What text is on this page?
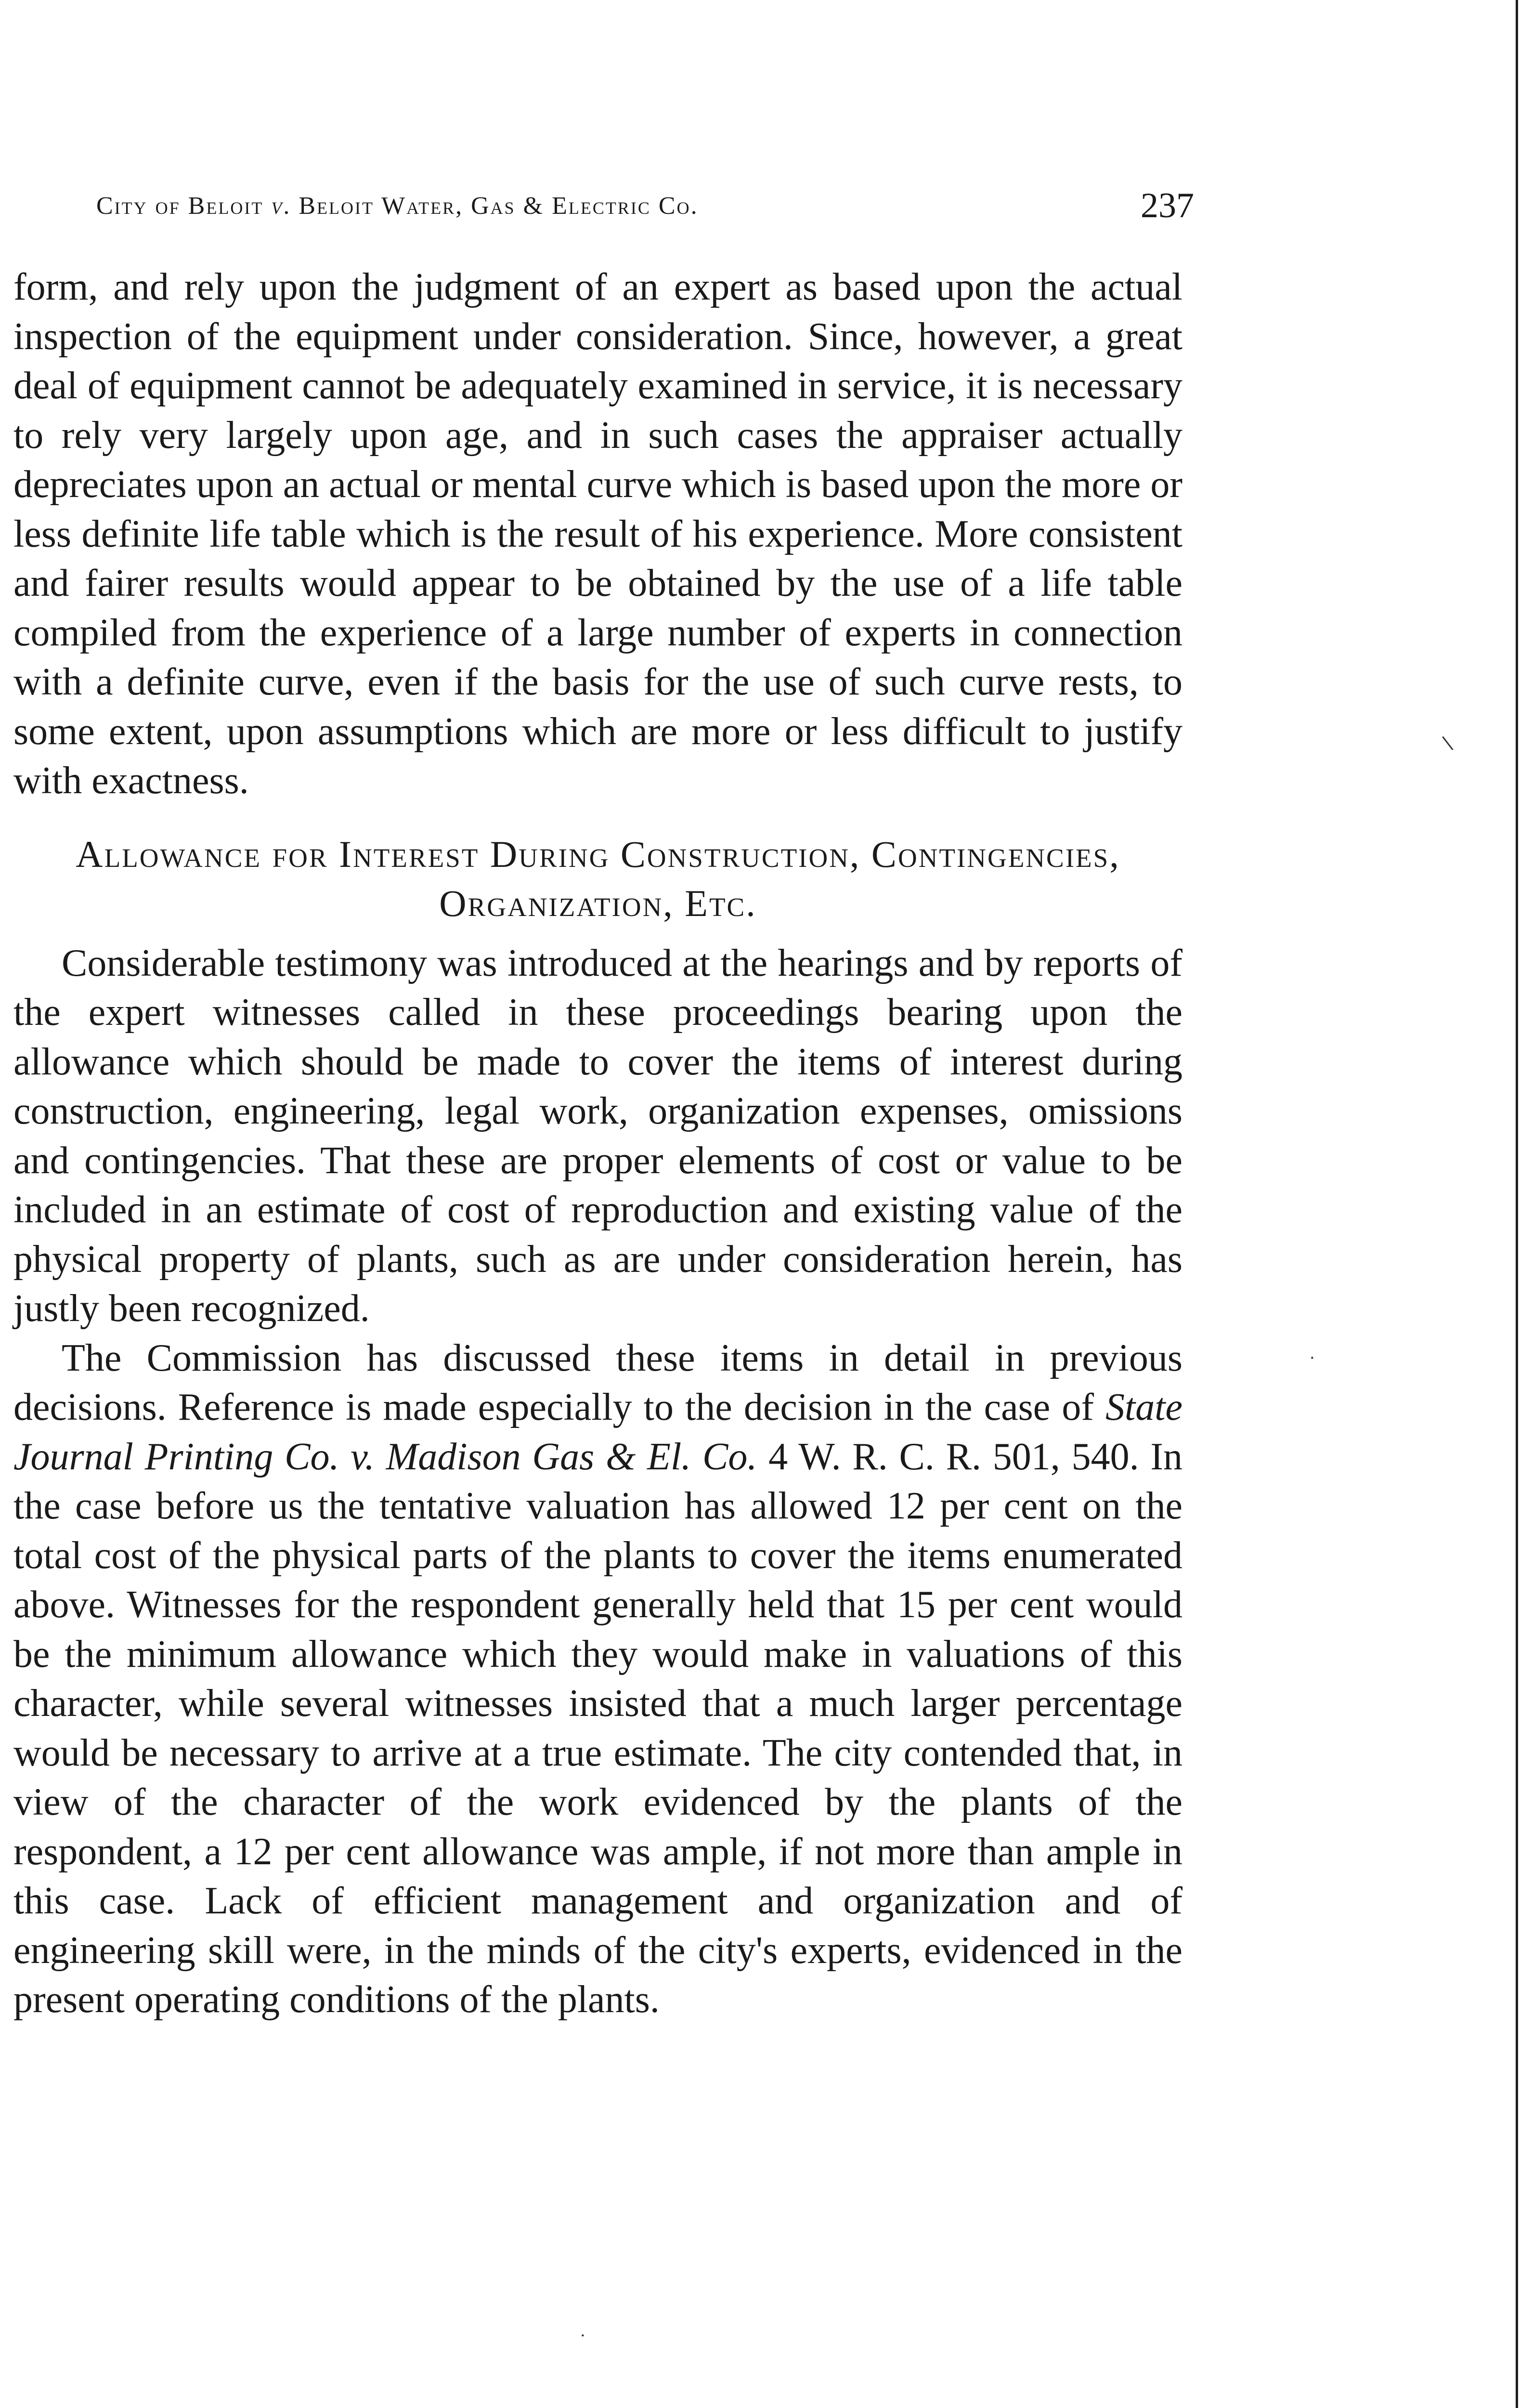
City of Beloit v. Beloit Water, Gas & Electric Co.	237

form, and rely upon the judgment of an expert as based upon the actual inspection of the equipment under consideration. Since, however, a great deal of equipment cannot be adequately examined in service, it is necessary to rely very largely upon age, and in such cases the appraiser actually depreciates upon an actual or mental curve which is based upon the more or less definite life table which is the result of his experience. More consistent and fairer results would appear to be obtained by the use of a life table compiled from the experience of a large number of experts in connection with a definite curve, even if the basis for the use of such curve rests, to some extent, upon assumptions which are more or less difficult to justify with exactness.

Allowance for Interest During Construction, Contingencies, Organization, Etc.

Considerable testimony was introduced at the hearings and by reports of the expert witnesses called in these proceedings bearing upon the allowance which should be made to cover the items of interest during construction, engineering, legal work, organization expenses, omissions and contingencies. That these are proper elements of cost or value to be included in an estimate of cost of reproduction and existing value of the physical property of plants, such as are under consideration herein, has justly been recognized.

The Commission has discussed these items in detail in previous decisions. Reference is made especially to the decision in the case of State Journal Printing Co. v. Madison Gas & El. Co. 4 W. R. C. R. 501, 540. In the case before us the tentative valuation has allowed 12 per cent on the total cost of the physical parts of the plants to cover the items enumerated above. Witnesses for the respondent generally held that 15 per cent would be the minimum allowance which they would make in valuations of this character, while several witnesses insisted that a much larger percentage would be necessary to arrive at a true estimate. The city contended that, in view of the character of the work evidenced by the plants of the respondent, a 12 per cent allowance was ample, if not more than ample in this case. Lack of efficient management and organization and of engineering skill were, in the minds of the city's experts, evidenced in the present operating conditions of the plants.

\
·
·
